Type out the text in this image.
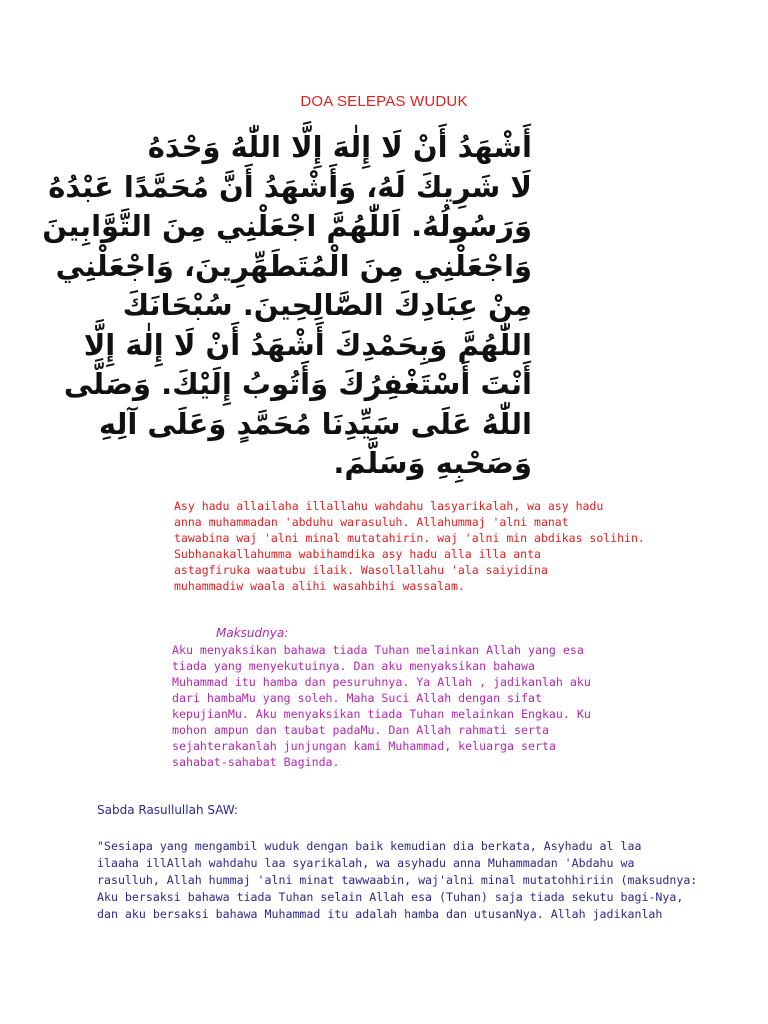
DOA SELEPAS WUDUK
أَشْهَدُ أَنْ لَا إِلٰهَ إِلَّا اللّٰهُ وَحْدَهُ
لَا شَرِيكَ لَهُ، وَأَشْهَدُ أَنَّ مُحَمَّدًا عَبْدُهُ
وَرَسُولُهُ. اَللّٰهُمَّ اجْعَلْنِي مِنَ التَّوَّابِينَ
وَاجْعَلْنِي مِنَ الْمُتَطَهِّرِينَ، وَاجْعَلْنِي
مِنْ عِبَادِكَ الصَّالِحِينَ. سُبْحَانَكَ
اللّٰهُمَّ وَبِحَمْدِكَ أَشْهَدُ أَنْ لَا إِلٰهَ إِلَّا
أَنْتَ أَسْتَغْفِرُكَ وَأَتُوبُ إِلَيْكَ. وَصَلَّى
اللّٰهُ عَلَى سَيِّدِنَا مُحَمَّدٍ وَعَلَى آلِهِ
وَصَحْبِهِ وَسَلَّمَ.
Asy hadu allailaha illallahu wahdahu lasyarikalah, wa asy hadu
anna muhammadan 'abduhu warasuluh. Allahummaj 'alni manat
tawabina waj 'alni minal mutatahirin. waj 'alni min abdikas solihin.
Subhanakallahumma wabihamdika asy hadu alla illa anta
astagfiruka waatubu ilaik. Wasollallahu 'ala saiyidina
muhammadiw waala alihi wasahbihi wassalam.
Maksudnya:
Aku menyaksikan bahawa tiada Tuhan melainkan Allah yang esa
tiada yang menyekutuinya. Dan aku menyaksikan bahawa
Muhammad itu hamba dan pesuruhnya. Ya Allah , jadikanlah aku
dari hambaMu yang soleh. Maha Suci Allah dengan sifat
kepujianMu. Aku menyaksikan tiada Tuhan melainkan Engkau. Ku
mohon ampun dan taubat padaMu. Dan Allah rahmati serta
sejahterakanlah junjungan kami Muhammad, keluarga serta
sahabat-sahabat Baginda.
Sabda Rasullullah SAW:
"Sesiapa yang mengambil wuduk dengan baik kemudian dia berkata, Asyhadu al laa
ilaaha illAllah wahdahu laa syarikalah, wa asyhadu anna Muhammadan 'Abdahu wa
rasulluh, Allah hummaj 'alni minat tawwaabin, waj'alni minal mutatohhiriin (maksudnya:
Aku bersaksi bahawa tiada Tuhan selain Allah esa (Tuhan) saja tiada sekutu bagi-Nya,
dan aku bersaksi bahawa Muhammad itu adalah hamba dan utusanNya. Allah jadikanlah
